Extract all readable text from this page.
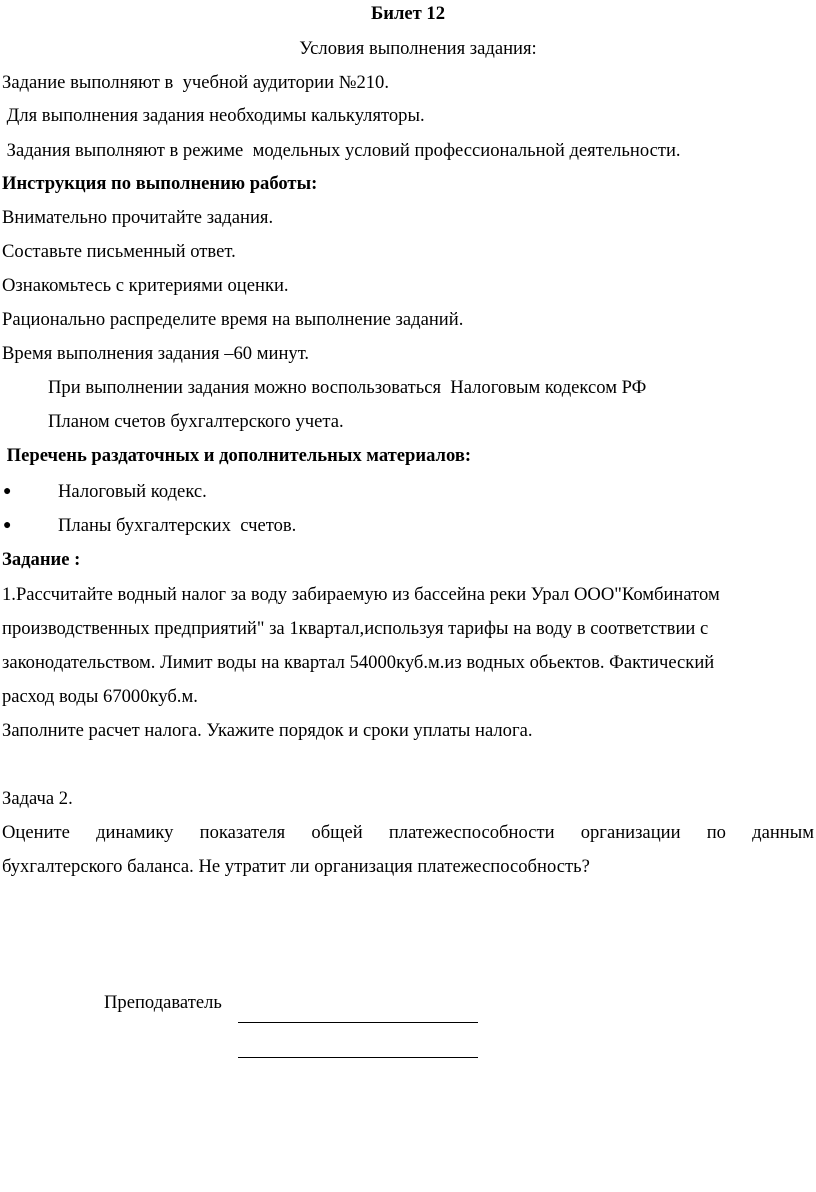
Билет 12
Условия выполнения задания:
Задание выполняют в  учебной аудитории №210.
Для выполнения задания необходимы калькуляторы.
Задания выполняют в режиме  модельных условий профессиональной деятельности.
Инструкция по выполнению работы:
Внимательно прочитайте задания.
Составьте письменный ответ.
Ознакомьтесь с критериями оценки.
Рационально распределите время на выполнение заданий.
Время выполнения задания –60 минут.
При выполнении задания можно воспользоваться  Налоговым кодексом РФ
Планом счетов бухгалтерского учета.
Перечень раздаточных и дополнительных материалов:
●	Налоговый кодекс.
●	Планы бухгалтерских  счетов.
Задание :
1.Рассчитайте водный налог за воду забираемую из бассейна реки Урал ООО"Комбинатом
производственных предприятий" за 1квартал,используя тарифы на воду в соответствии с
законодательством. Лимит воды на квартал 54000куб.м.из водных обьектов. Фактический
расход воды 67000куб.м.
Заполните расчет налога. Укажите порядок и сроки уплаты налога.
Задача 2.
Оцените динамику показателя общей платежеспособности организации по данным
бухгалтерского баланса. Не утратит ли организация платежеспособность?
Преподаватель
